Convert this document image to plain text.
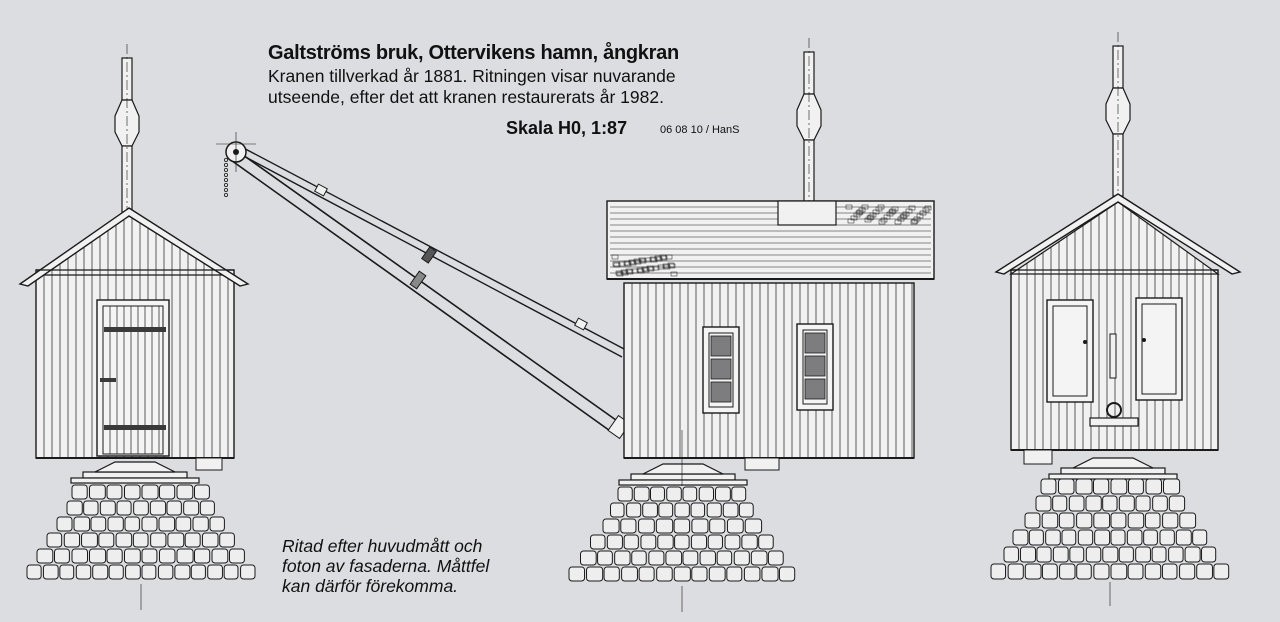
Galtströms bruk, Ottervikens hamn, ångkran
Kranen tillverkad år 1881. Ritningen visar nuvarande
utseende, efter det att kranen restaurerats år 1982.
Skala H0, 1:87	06 08 10 / HanS
Ritad efter huvudmått och
foton av fasaderna. Måttfel
kan därför förekomma.
